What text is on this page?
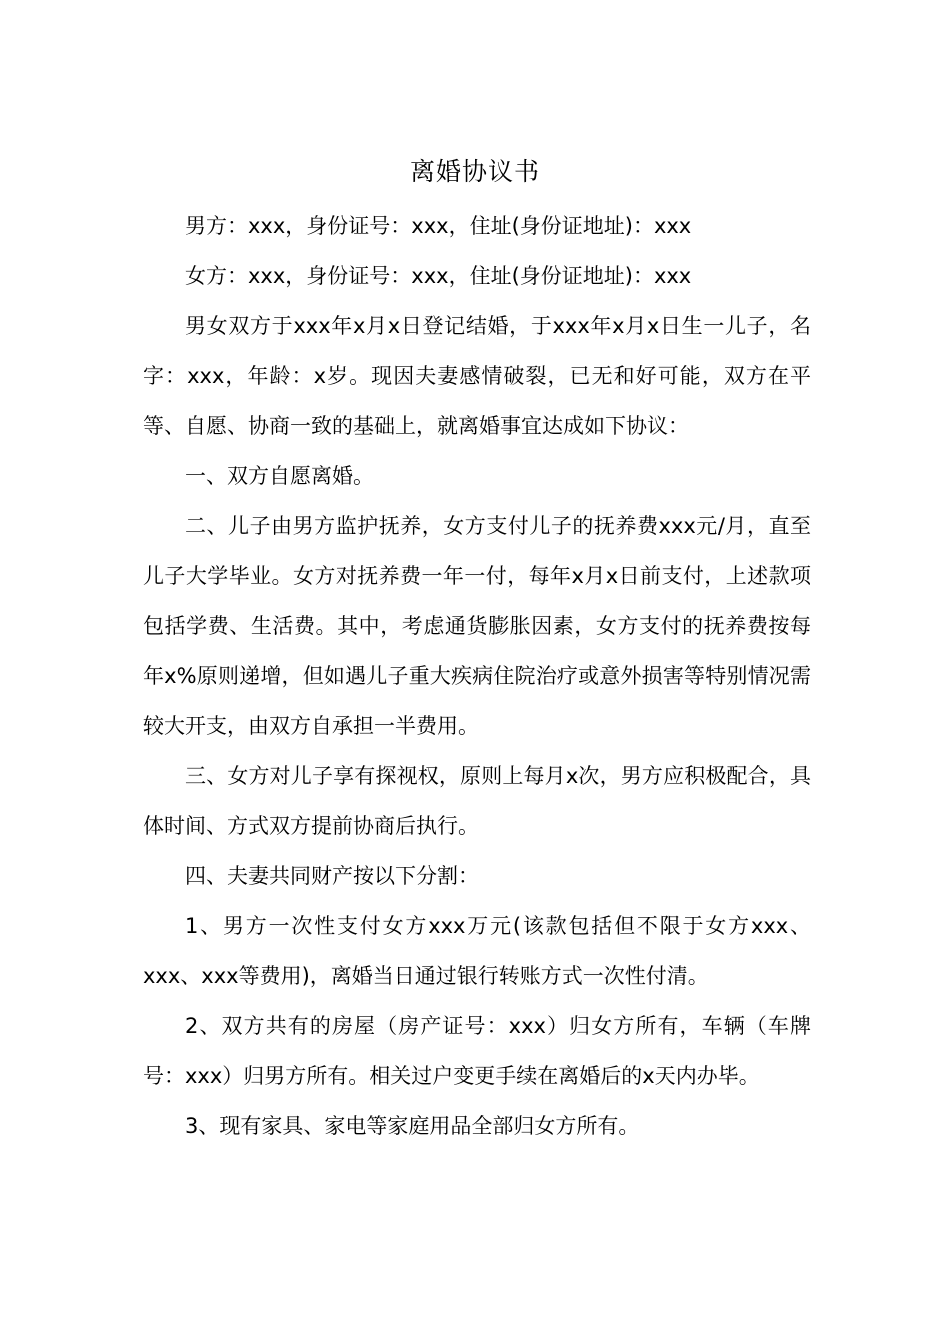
离婚协议书

男方：xxx，身份证号：xxx，住址(身份证地址)：xxx

女方：xxx，身份证号：xxx，住址(身份证地址)：xxx

男女双方于xxx年x月x日登记结婚，于xxx年x月x日生一儿子，名字：xxx，年龄：x岁。现因夫妻感情破裂，已无和好可能，双方在平等、自愿、协商一致的基础上，就离婚事宜达成如下协议：

一、双方自愿离婚。

二、儿子由男方监护抚养，女方支付儿子的抚养费xxx元/月，直至儿子大学毕业。女方对抚养费一年一付，每年x月x日前支付，上述款项包括学费、生活费。其中，考虑通货膨胀因素，女方支付的抚养费按每年x%原则递增，但如遇儿子重大疾病住院治疗或意外损害等特别情况需较大开支，由双方自承担一半费用。

三、女方对儿子享有探视权，原则上每月x次，男方应积极配合，具体时间、方式双方提前协商后执行。

四、夫妻共同财产按以下分割：

1、男方一次性支付女方xxx万元(该款包括但不限于女方xxx、xxx、xxx等费用)，离婚当日通过银行转账方式一次性付清。

2、双方共有的房屋（房产证号：xxx）归女方所有，车辆（车牌号：xxx）归男方所有。相关过户变更手续在离婚后的x天内办毕。

3、现有家具、家电等家庭用品全部归女方所有。
